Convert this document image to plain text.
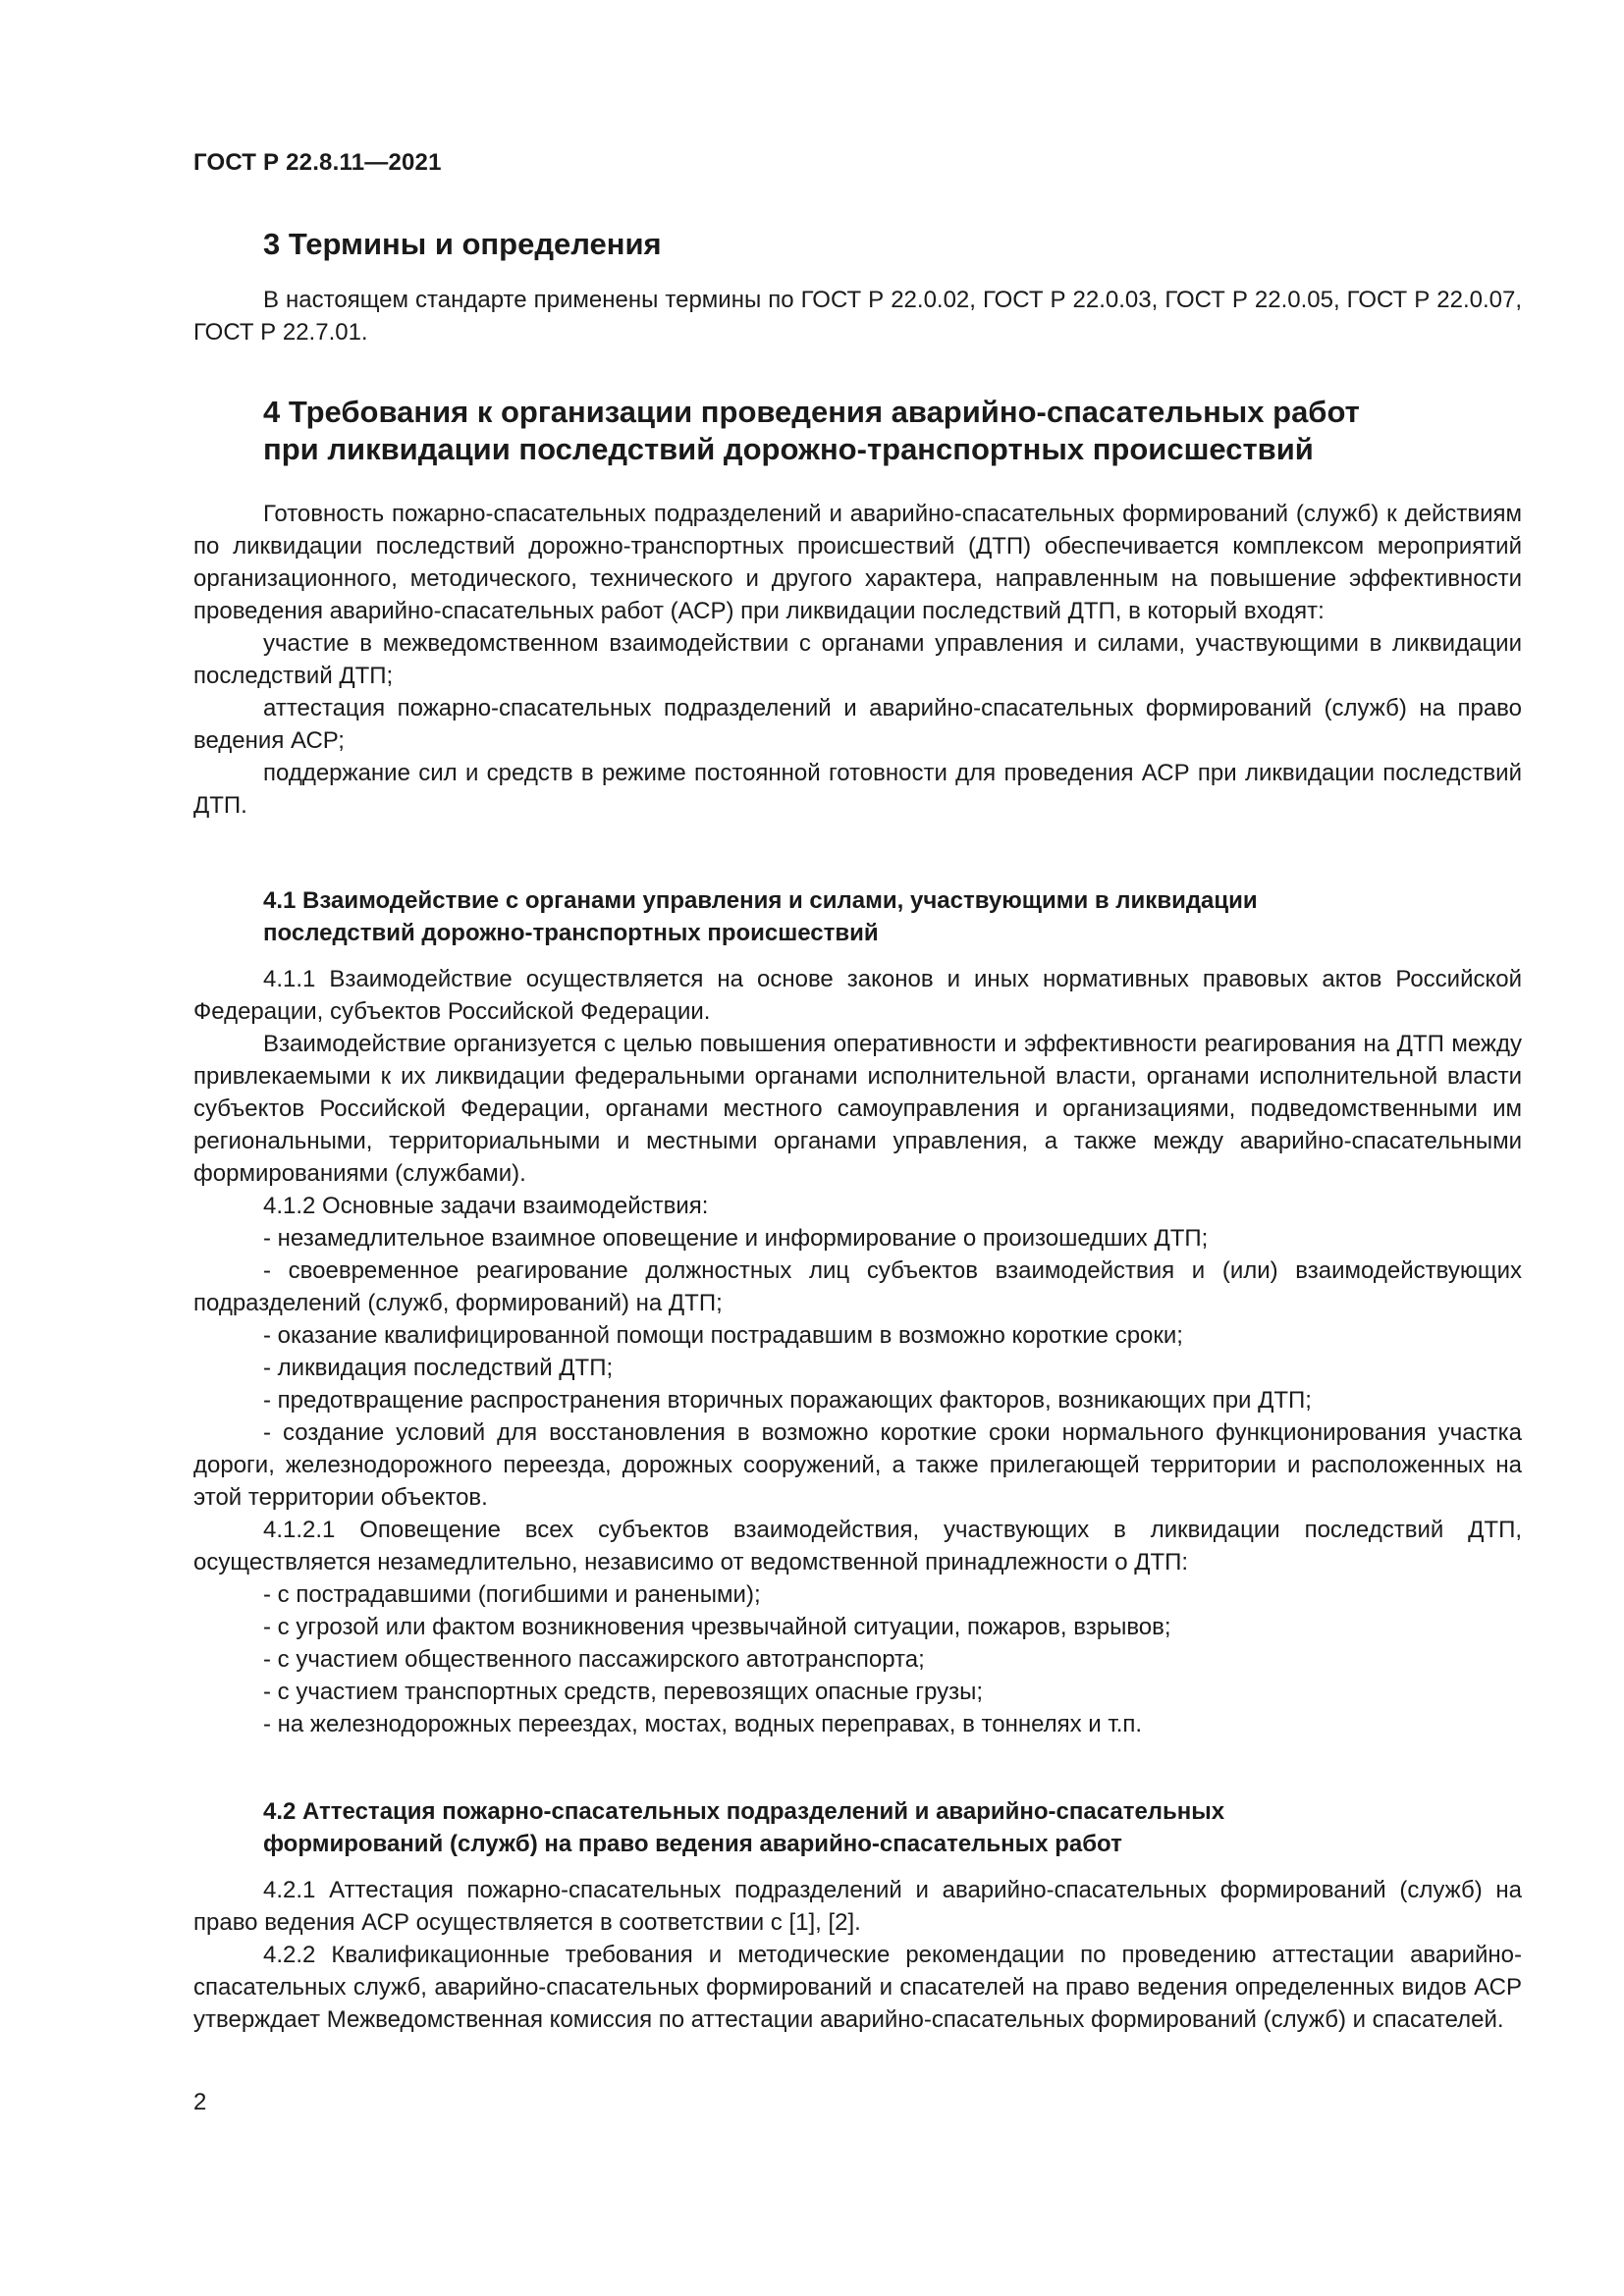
ГОСТ Р 22.8.11—2021
3 Термины и определения

В настоящем стандарте применены термины по ГОСТ Р 22.0.02, ГОСТ Р 22.0.03, ГОСТ Р 22.0.05, ГОСТ Р 22.0.07, ГОСТ Р 22.7.01.

4 Требования к организации проведения аварийно-спасательных работ
при ликвидации последствий дорожно-транспортных происшествий

Готовность пожарно-спасательных подразделений и аварийно-спасательных формирований (служб) к действиям по ликвидации последствий дорожно-транспортных происшествий (ДТП) обеспечивается комплексом мероприятий организационного, методического, технического и другого характера, направленным на повышение эффективности проведения аварийно-спасательных работ (АСР) при ликвидации последствий ДТП, в который входят:

участие в межведомственном взаимодействии с органами управления и силами, участвующими в ликвидации последствий ДТП;

аттестация пожарно-спасательных подразделений и аварийно-спасательных формирований (служб) на право ведения АСР;

поддержание сил и средств в режиме постоянной готовности для проведения АСР при ликвидации последствий ДТП.

4.1 Взаимодействие с органами управления и силами, участвующими в ликвидации
последствий дорожно-транспортных происшествий

4.1.1 Взаимодействие осуществляется на основе законов и иных нормативных правовых актов Российской Федерации, субъектов Российской Федерации.

Взаимодействие организуется с целью повышения оперативности и эффективности реагирования на ДТП между привлекаемыми к их ликвидации федеральными органами исполнительной власти, органами исполнительной власти субъектов Российской Федерации, органами местного самоуправления и организациями, подведомственными им региональными, территориальными и местными органами управления, а также между аварийно-спасательными формированиями (службами).

4.1.2 Основные задачи взаимодействия:

- незамедлительное взаимное оповещение и информирование о произошедших ДТП;

- своевременное реагирование должностных лиц субъектов взаимодействия и (или) взаимодействующих подразделений (служб, формирований) на ДТП;

- оказание квалифицированной помощи пострадавшим в возможно короткие сроки;

- ликвидация последствий ДТП;

- предотвращение распространения вторичных поражающих факторов, возникающих при ДТП;

- создание условий для восстановления в возможно короткие сроки нормального функционирования участка дороги, железнодорожного переезда, дорожных сооружений, а также прилегающей территории и расположенных на этой территории объектов.

4.1.2.1 Оповещение всех субъектов взаимодействия, участвующих в ликвидации последствий ДТП, осуществляется незамедлительно, независимо от ведомственной принадлежности о ДТП:

- с пострадавшими (погибшими и ранеными);

- с угрозой или фактом возникновения чрезвычайной ситуации, пожаров, взрывов;

- с участием общественного пассажирского автотранспорта;

- с участием транспортных средств, перевозящих опасные грузы;

- на железнодорожных переездах, мостах, водных переправах, в тоннелях и т.п.

4.2 Аттестация пожарно-спасательных подразделений и аварийно-спасательных
формирований (служб) на право ведения аварийно-спасательных работ

4.2.1 Аттестация пожарно-спасательных подразделений и аварийно-спасательных формирований (служб) на право ведения АСР осуществляется в соответствии с [1], [2].

4.2.2 Квалификационные требования и методические рекомендации по проведению аттестации аварийно-спасательных служб, аварийно-спасательных формирований и спасателей на право ведения определенных видов АСР утверждает Межведомственная комиссия по аттестации аварийно-спасательных формирований (служб) и спасателей.

2
